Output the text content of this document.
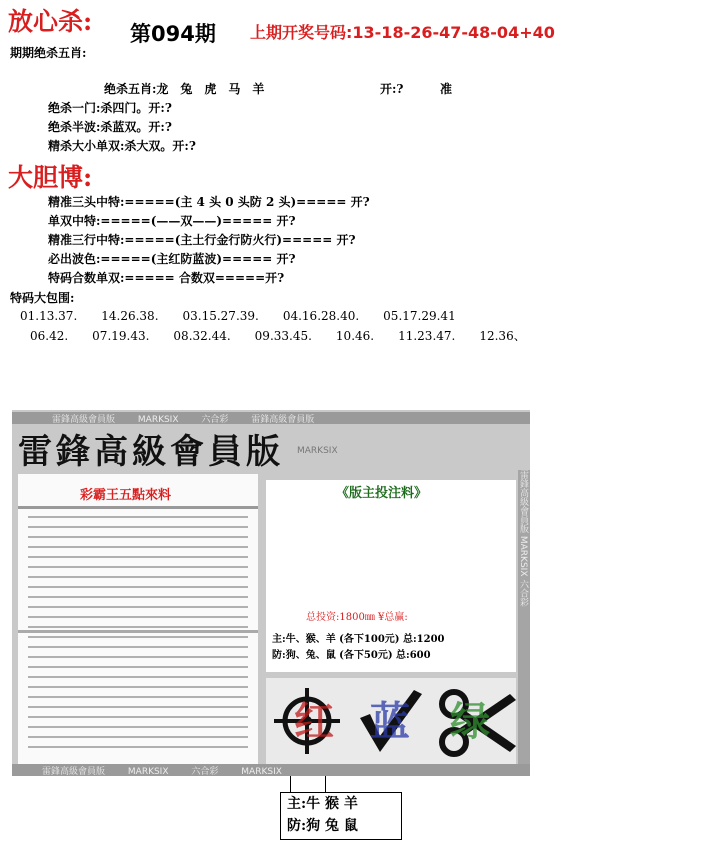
放心杀: 第094期 上期开奖号码:13-18-26-47-48-04+40
期期绝杀五肖:
绝杀五肖:龙　兔　虎　马　羊	开:?	准
绝杀一门:杀四门。开:?
绝杀半波:杀蓝双。开:?
精杀大小单双:杀大双。开:?
大胆博:
精准三头中特:=====(主 4 头 0 头防 2 头)===== 开?
单双中特:=====(——双——)===== 开?
精准三行中特:=====(主土行金行防火行)===== 开?
必出波色:=====(主红防蓝波)===== 开?
特码合数单双:===== 合数双=====开?
特码大包围:
01.13.37.　　14.26.38.　　03.15.27.39.　　04.16.28.40.　　05.17.29.41
06.42.　　07.19.43.　　08.32.44.　　09.33.45.　　10.46.　　11.23.47.　　12.36、
雷鋒高級會員版	MARKSIX	六合彩	雷鋒高級會員版
雷鋒高級會員版 MARKSIX
彩霸王五點來料	《版主投注料》
总投资:1800㎜ ¥总赢:
主:牛、猴、羊 (各下100元) 总:1200
防:狗、兔、鼠 (各下50元) 总:600
雷鋒高級會員版 MARKSIX 六合彩
红 蓝 绿
雷鋒高級會員版	MARKSIX	六合彩	MARKSIX
主:牛 猴 羊
防:狗 兔 鼠
